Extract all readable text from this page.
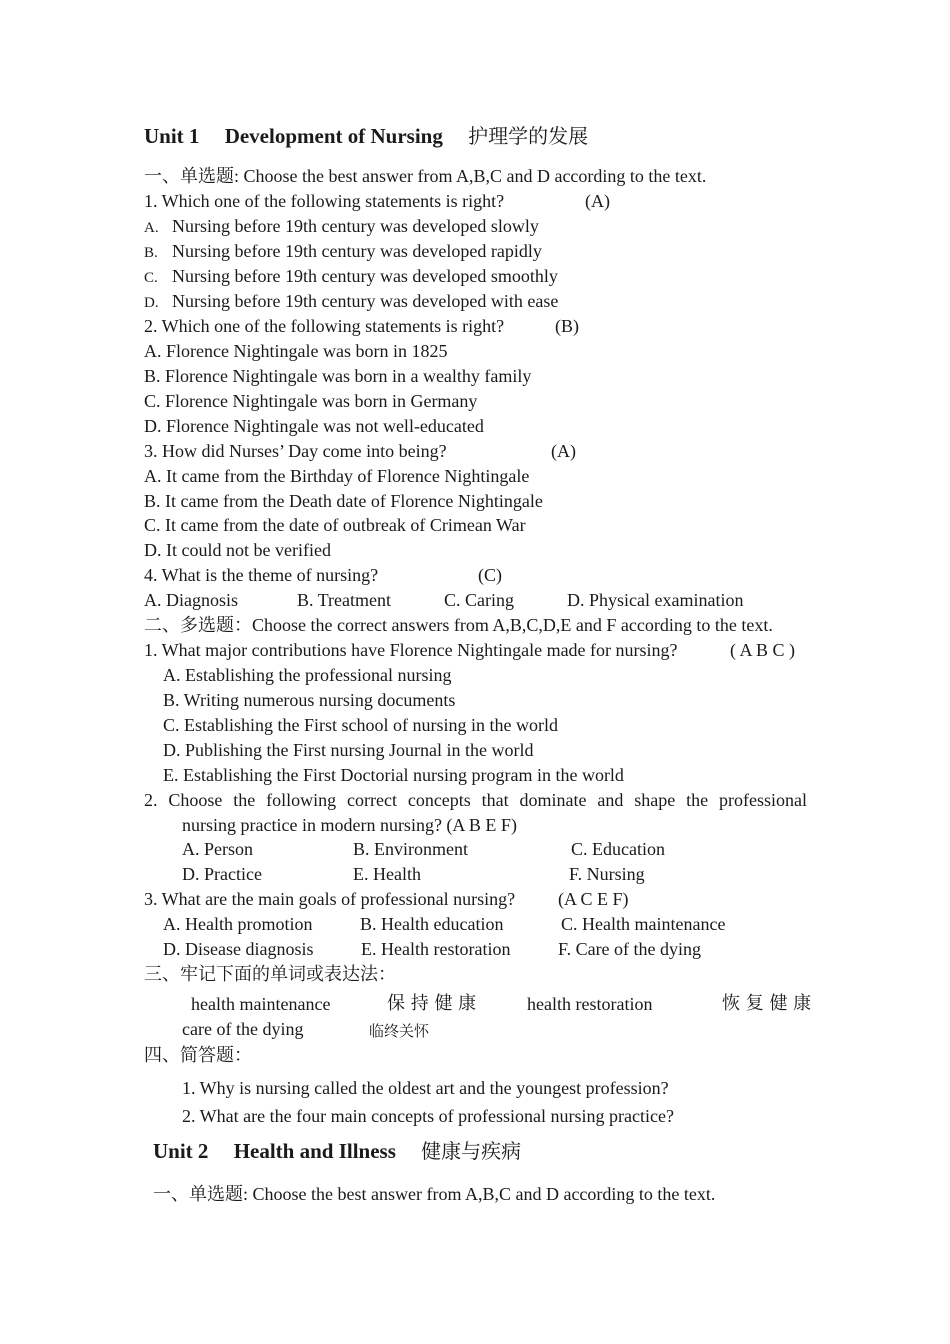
Unit 1 Development of Nursing 护理学的发展
一、单选题: Choose the best answer from A,B,C and D according to the text.
1. Which one of the following statements is right?	(A)
A. Nursing before 19th century was developed slowly
B. Nursing before 19th century was developed rapidly
C. Nursing before 19th century was developed smoothly
D. Nursing before 19th century was developed with ease
2. Which one of the following statements is right?	(B)
A. Florence Nightingale was born in 1825
B. Florence Nightingale was born in a wealthy family
C. Florence Nightingale was born in Germany
D. Florence Nightingale was not well-educated
3. How did Nurses’ Day come into being?	(A)
A. It came from the Birthday of Florence Nightingale
B. It came from the Death date of Florence Nightingale
C. It came from the date of outbreak of Crimean War
D. It could not be verified
4. What is the theme of nursing?	(C)
A. Diagnosis	B. Treatment	C. Caring	D. Physical examination
二、多选题：Choose the correct answers from A,B,C,D,E and F according to the text.
1. What major contributions have Florence Nightingale made for nursing?	( A B C )
A. Establishing the professional nursing
B. Writing numerous nursing documents
C. Establishing the First school of nursing in the world
D. Publishing the First nursing Journal in the world
E. Establishing the First Doctorial nursing program in the world
2. Choose the following correct concepts that dominate and shape the professional
nursing practice in modern nursing? (A B E F)
A. Person	B. Environment	C. Education
D. Practice	E. Health	F. Nursing
3. What are the main goals of professional nursing? (A C E F)
A. Health promotion	B. Health education	C. Health maintenance
D. Disease diagnosis	E. Health restoration	F. Care of the dying
三、牢记下面的单词或表达法：
health maintenance	保 持 健 康	health restoration	恢 复 健 康
care of the dying	临终关怀
四、简答题：
1. Why is nursing called the oldest art and the youngest profession?
2. What are the four main concepts of professional nursing practice?
Unit 2 Health and Illness 健康与疾病
一、单选题: Choose the best answer from A,B,C and D according to the text.
